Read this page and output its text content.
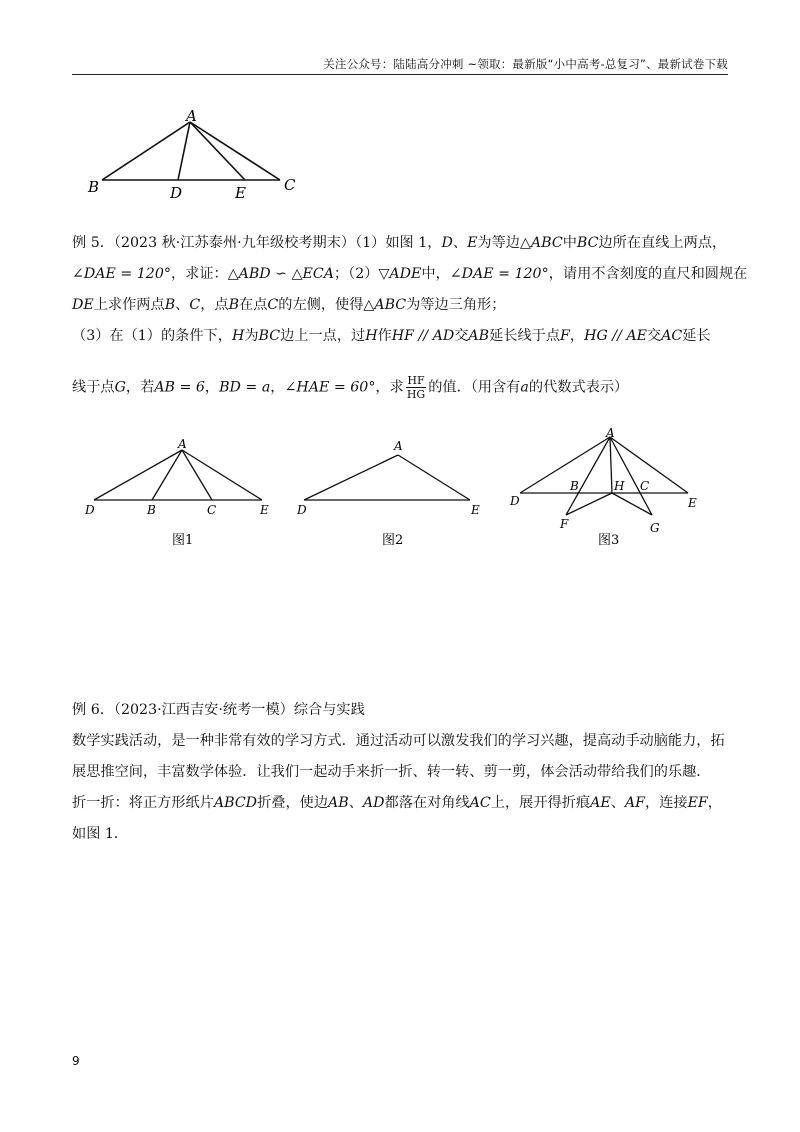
关注公众号：陆陆高分冲刺 ~领取：最新版“小中高考-总复习”、最新试卷下载
A
B	D	E	C
例 5．（2023 秋·江苏泰州·九年级校考期末）（1）如图 1，D、E为等边△ABC中BC边所在直线上两点，
∠DAE = 120°，求证：△ABD ∽ △ECA；（2）▽ADE中，∠DAE = 120°，请用不含刻度的直尺和圆规在
DE上求作两点B、C，点B在点C的左侧，使得△ABC为等边三角形；
（3）在（1）的条件下，H为BC边上一点，过H作HF // AD交AB延长线于点F，HG // AE交AC延长
线于点G，若AB = 6，BD = a，∠HAE = 60°，求 $\frac{HF}{HG}$ 的值．（用含有a的代数式表示）
A
D	B	C	E
图1
A
D	E
图2
A
D
B	H C
E
F	G
图3
例 6．（2023·江西吉安·统考一模）综合与实践
数学实践活动，是一种非常有效的学习方式．通过活动可以激发我们的学习兴趣，提高动手动脑能力，拓
展思推空间，丰富数学体验．让我们一起动手来折一折、转一转、剪一剪，体会活动带给我们的乐趣．
折一折：将正方形纸片ABCD折叠，使边AB、AD都落在对角线AC上，展开得折痕AE、AF，连接EF，
如图 1．
9
